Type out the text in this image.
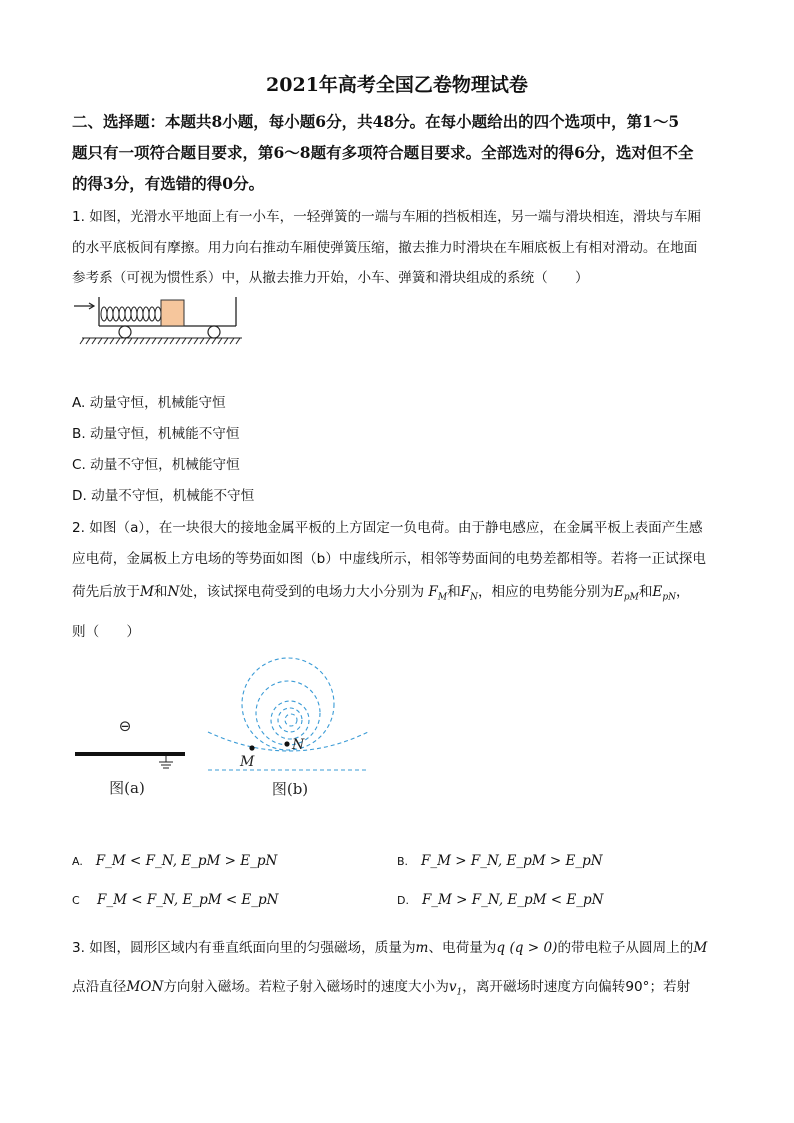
2021年高考全国乙卷物理试卷
二、选择题：本题共8小题，每小题6分，共48分。在每小题给出的四个选项中，第1～5
题只有一项符合题目要求，第6～8题有多项符合题目要求。全部选对的得6分，选对但不全
的得3分，有选错的得0分。
1. 如图，光滑水平地面上有一小车，一轻弹簧的一端与车厢的挡板相连，另一端与滑块相连，滑块与车厢
的水平底板间有摩擦。用力向右推动车厢使弹簧压缩，撤去推力时滑块在车厢底板上有相对滑动。在地面
参考系（可视为惯性系）中，从撤去推力开始，小车、弹簧和滑块组成的系统（　　）
A. 动量守恒，机械能守恒
B. 动量守恒，机械能不守恒
C. 动量不守恒，机械能守恒
D. 动量不守恒，机械能不守恒
2. 如图（a），在一块很大的接地金属平板的上方固定一负电荷。由于静电感应，在金属平板上表面产生感
应电荷，金属板上方电场的等势面如图（b）中虚线所示，相邻等势面间的电势差都相等。若将一正试探电
荷先后放于M和N处，该试探电荷受到的电场力大小分别为 $F_M$和$F_N$，相应的电势能分别为$E_{pM}$和$E_{pN}$，
则（　　）
⊖
图(a)
M
N
图(b)
A. F_M < F_N, E_pM > E_pN	B. F_M > F_N, E_pM > E_pN
C F_M < F_N, E_pM < E_pN	D. F_M > F_N, E_pM < E_pN
3. 如图，圆形区域内有垂直纸面向里的匀强磁场，质量为m、电荷量为q (q > 0)的带电粒子从圆周上的M
点沿直径MON方向射入磁场。若粒子射入磁场时的速度大小为$v_1$，离开磁场时速度方向偏转90°；若射
